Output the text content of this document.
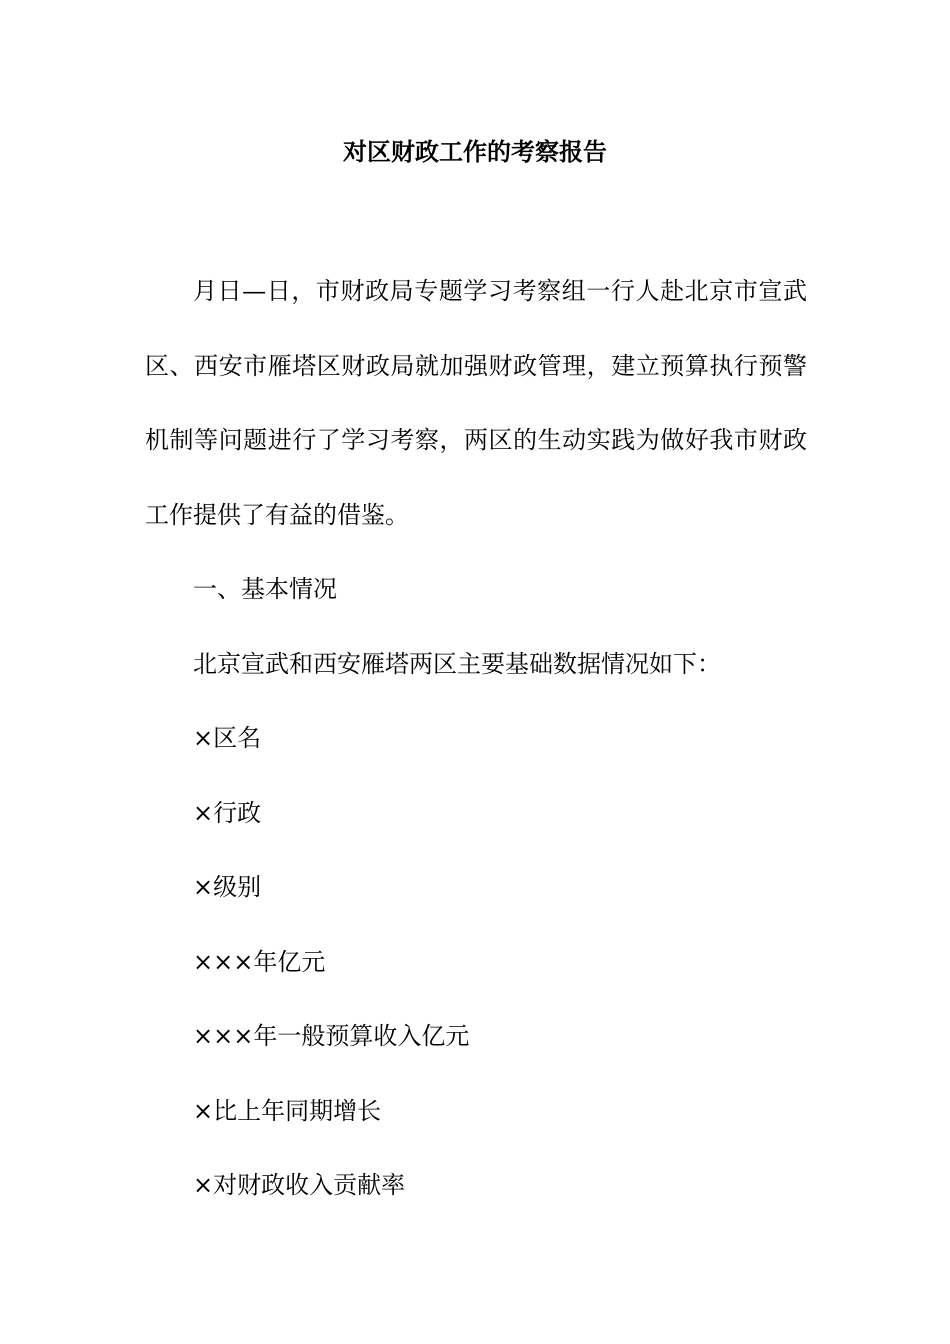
对区财政工作的考察报告

月日—日，市财政局专题学习考察组一行人赴北京市宣武区、西安市雁塔区财政局就加强财政管理，建立预算执行预警机制等问题进行了学习考察，两区的生动实践为做好我市财政工作提供了有益的借鉴。

一、基本情况

北京宣武和西安雁塔两区主要基础数据情况如下：

×区名

×行政

×级别

×××年亿元

×××年一般预算收入亿元

×比上年同期增长

×对财政收入贡献率
